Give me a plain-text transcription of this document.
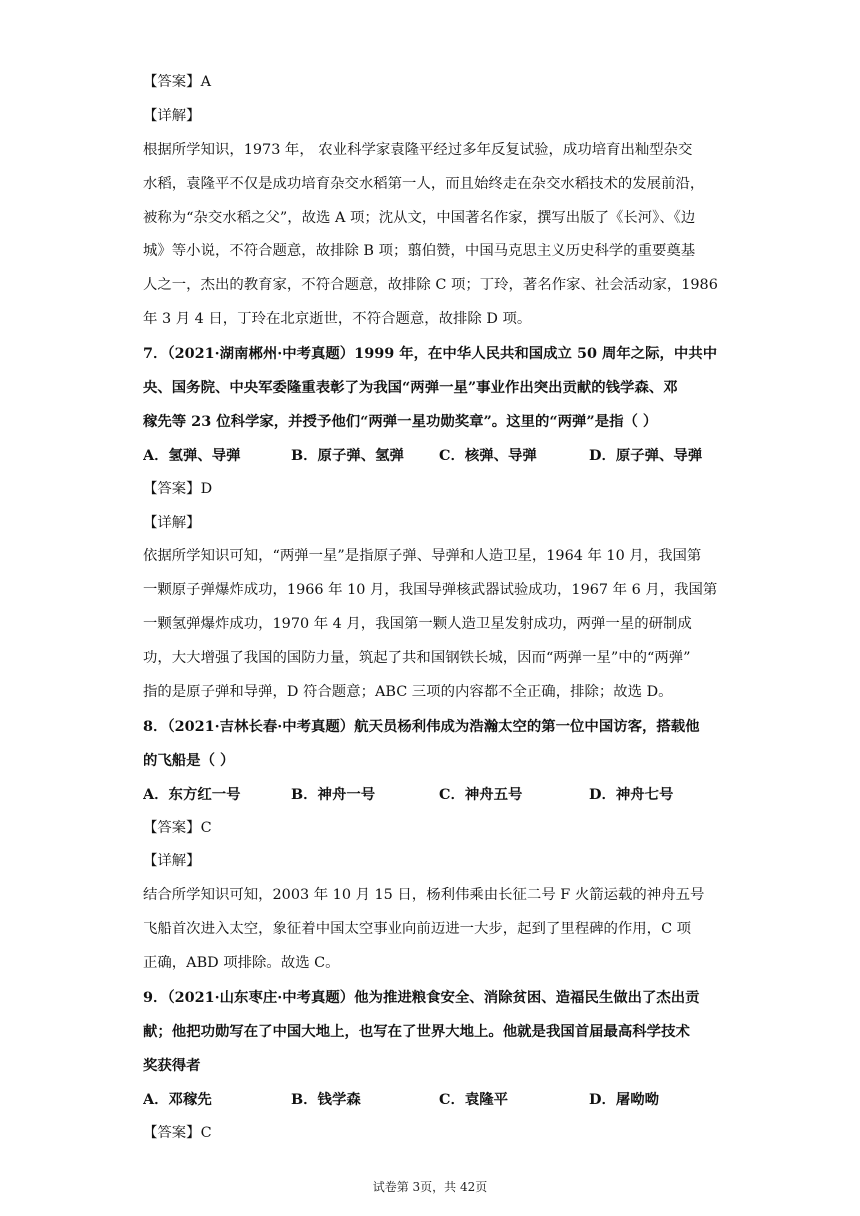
【答案】A
【详解】
根据所学知识，1973 年， 农业科学家袁隆平经过多年反复试验，成功培育出籼型杂交
水稻，袁隆平不仅是成功培育杂交水稻第一人，而且始终走在杂交水稻技术的发展前沿，
被称为“杂交水稻之父”，故选 A 项；沈从文，中国著名作家，撰写出版了《长河》、《边
城》等小说，不符合题意，故排除 B 项；翦伯赞，中国马克思主义历史科学的重要奠基
人之一，杰出的教育家，不符合题意，故排除 C 项；丁玲，著名作家、社会活动家，1986
年 3 月 4 日，丁玲在北京逝世，不符合题意，故排除 D 项。
7．（2021·湖南郴州·中考真题）1999 年，在中华人民共和国成立 50 周年之际，中共中
央、国务院、中央军委隆重表彰了为我国“两弹一星”事业作出突出贡献的钱学森、邓
稼先等 23 位科学家，并授予他们“两弹一星功勋奖章”。这里的“两弹”是指（ ）
A．氢弹、导弹	B．原子弹、氢弹	C．核弹、导弹	D．原子弹、导弹
【答案】D
【详解】
依据所学知识可知，“两弹一星”是指原子弹、导弹和人造卫星，1964 年 10 月，我国第
一颗原子弹爆炸成功，1966 年 10 月，我国导弹核武器试验成功，1967 年 6 月，我国第
一颗氢弹爆炸成功，1970 年 4 月，我国第一颗人造卫星发射成功，两弹一星的研制成
功，大大增强了我国的国防力量，筑起了共和国钢铁长城，因而“两弹一星”中的“两弹”
指的是原子弹和导弹，D 符合题意；ABC 三项的内容都不全正确，排除；故选 D。
8．（2021·吉林长春·中考真题）航天员杨利伟成为浩瀚太空的第一位中国访客，搭载他
的飞船是（ ）
A．东方红一号	B．神舟一号	C．神舟五号	D．神舟七号
【答案】C
【详解】
结合所学知识可知，2003 年 10 月 15 日，杨利伟乘由长征二号 F 火箭运载的神舟五号
飞船首次进入太空，象征着中国太空事业向前迈进一大步，起到了里程碑的作用，C 项
正确，ABD 项排除。故选 C。
9．（2021·山东枣庄·中考真题）他为推进粮食安全、消除贫困、造福民生做出了杰出贡
献；他把功勋写在了中国大地上，也写在了世界大地上。他就是我国首届最高科学技术
奖获得者
A．邓稼先	B．钱学森	C．袁隆平	D．屠呦呦
【答案】C
试卷第 3页，共 42页
